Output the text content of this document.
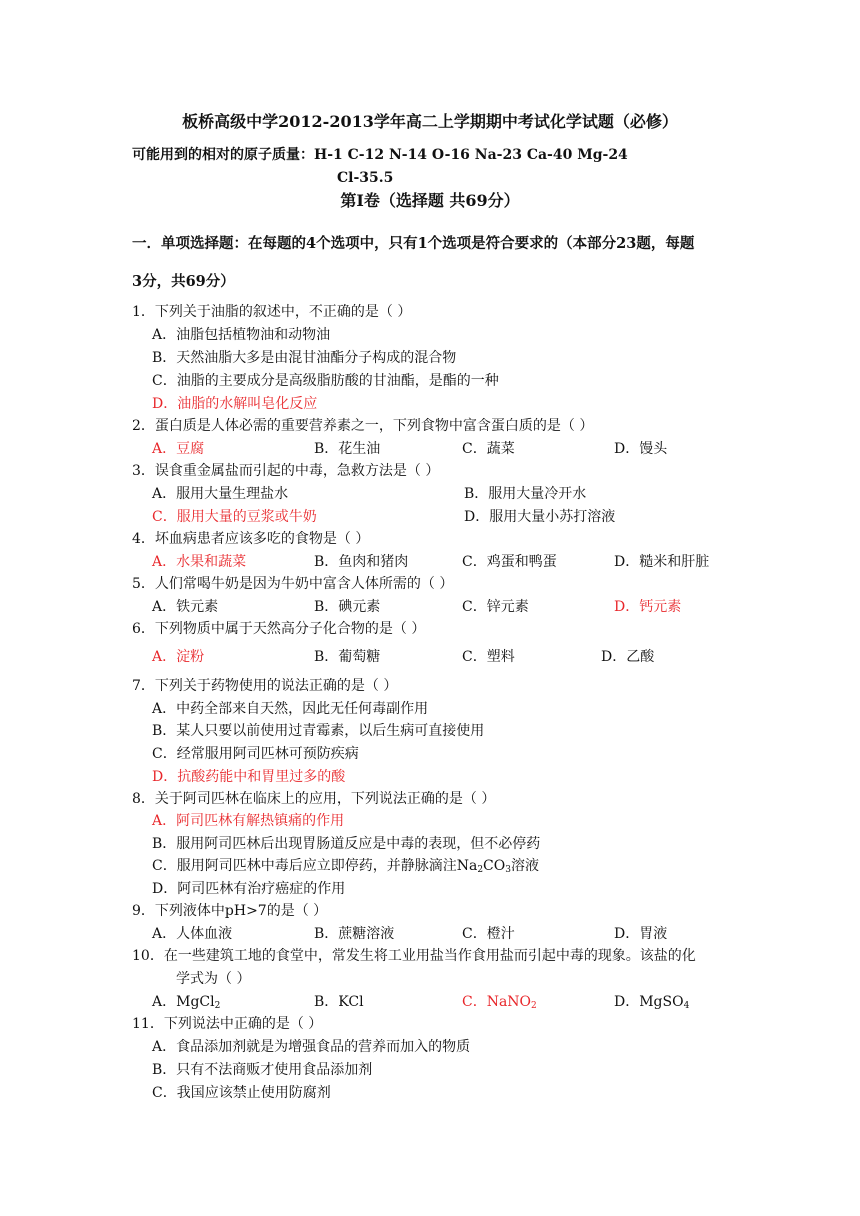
板桥高级中学2012-2013学年高二上学期期中考试化学试题（必修）
可能用到的相对的原子质量：H-1 C-12 N-14 O-16 Na-23 Ca-40 Mg-24
Cl-35.5
第Ⅰ卷（选择题 共69分）
一．单项选择题：在每题的4个选项中，只有1个选项是符合要求的（本部分23题，每题
3分，共69分）
1．下列关于油脂的叙述中，不正确的是（ ）
A．油脂包括植物油和动物油
B．天然油脂大多是由混甘油酯分子构成的混合物
C．油脂的主要成分是高级脂肪酸的甘油酯，是酯的一种
D．油脂的水解叫皂化反应
2．蛋白质是人体必需的重要营养素之一，下列食物中富含蛋白质的是（ ）
A．豆腐	B．花生油	C．蔬菜	D．馒头
3．误食重金属盐而引起的中毒，急救方法是（ ）
A．服用大量生理盐水	B．服用大量冷开水
C．服用大量的豆浆或牛奶	D．服用大量小苏打溶液
4．坏血病患者应该多吃的食物是（ ）
A．水果和蔬菜	B．鱼肉和猪肉	C．鸡蛋和鸭蛋	D．糙米和肝脏
5．人们常喝牛奶是因为牛奶中富含人体所需的（ ）
A．铁元素	B．碘元素	C．锌元素	D．钙元素
6．下列物质中属于天然高分子化合物的是（ ）
A．淀粉	B．葡萄糖	C．塑料	D．乙酸
7．下列关于药物使用的说法正确的是（ ）
A．中药全部来自天然，因此无任何毒副作用
B．某人只要以前使用过青霉素，以后生病可直接使用
C．经常服用阿司匹林可预防疾病
D．抗酸药能中和胃里过多的酸
8．关于阿司匹林在临床上的应用，下列说法正确的是（ ）
A．阿司匹林有解热镇痛的作用
B．服用阿司匹林后出现胃肠道反应是中毒的表现，但不必停药
C．服用阿司匹林中毒后应立即停药，并静脉滴注$Na_2CO_3$溶液
D．阿司匹林有治疗癌症的作用
9．下列液体中pH>7的是（ ）
A．人体血液	B．蔗糖溶液	C．橙汁	D．胃液
10．在一些建筑工地的食堂中，常发生将工业用盐当作食用盐而引起中毒的现象。该盐的化
学式为（ ）
A．MgCl$_2$	B．KCl	C．NaNO$_2$	D．MgSO$_4$
11．下列说法中正确的是（ ）
A．食品添加剂就是为增强食品的营养而加入的物质
B．只有不法商贩才使用食品添加剂
C．我国应该禁止使用防腐剂
